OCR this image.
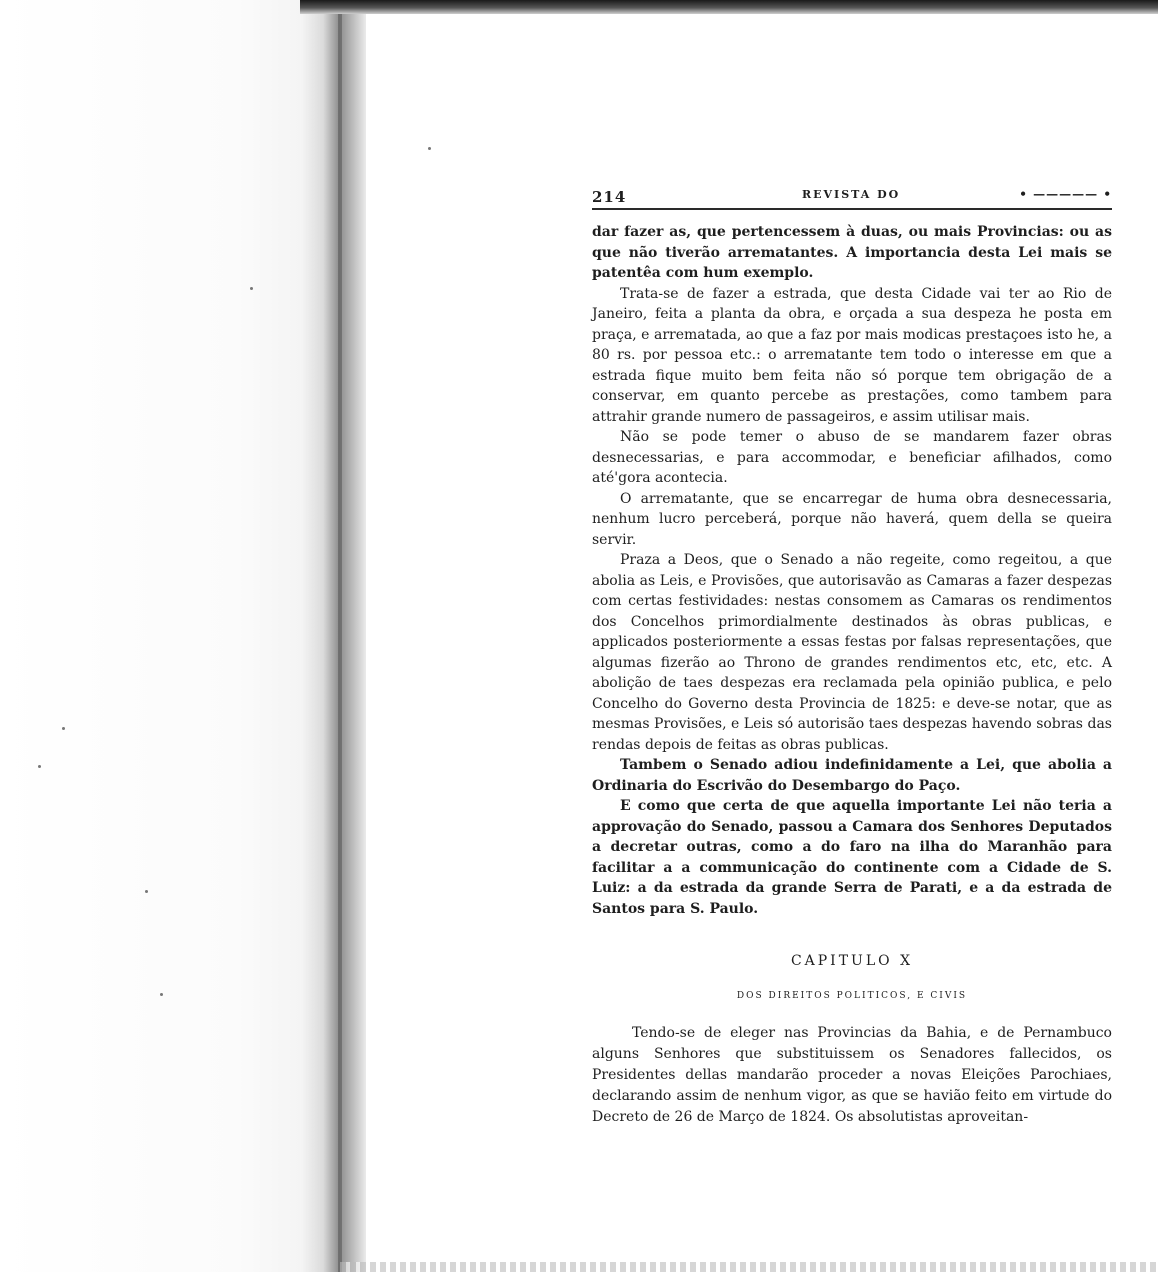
214	REVISTA DO	• ————— •

dar fazer as, que pertencessem à duas, ou mais Provincias: ou as que não tiverão arrematantes. A importancia desta Lei mais se patentêa com hum exemplo.

Trata-se de fazer a estrada, que desta Cidade vai ter ao Rio de Janeiro, feita a planta da obra, e orçada a sua despeza he posta em praça, e arrematada, ao que a faz por mais modicas prestaçoes isto he, a 80 rs. por pessoa etc.: o arrematante tem todo o interesse em que a estrada fique muito bem feita não só porque tem obrigação de a conservar, em quanto percebe as prestações, como tambem para attrahir grande numero de passageiros, e assim utilisar mais.

Não se pode temer o abuso de se mandarem fazer obras desnecessarias, e para accommodar, e beneficiar afilhados, como até'gora acontecia.

O arrematante, que se encarregar de huma obra desnecessaria, nenhum lucro perceberá, porque não haverá, quem della se queira servir.

Praza a Deos, que o Senado a não regeite, como regeitou, a que abolia as Leis, e Provisões, que autorisavão as Camaras a fazer despezas com certas festividades: nestas consomem as Camaras os rendimentos dos Concelhos primordialmente destinados às obras publicas, e applicados posteriormente a essas festas por falsas representações, que algumas fizerão ao Throno de grandes rendimentos etc, etc, etc. A abolição de taes despezas era reclamada pela opinião publica, e pelo Concelho do Governo desta Provincia de 1825: e deve-se notar, que as mesmas Provisões, e Leis só autorisão taes despezas havendo sobras das rendas depois de feitas as obras publicas.

Tambem o Senado adiou indefinidamente a Lei, que abolia a Ordinaria do Escrivão do Desembargo do Paço.

E como que certa de que aquella importante Lei não teria a approvação do Senado, passou a Camara dos Senhores Deputados a decretar outras, como a do faro na ilha do Maranhão para facilitar a a communicação do continente com a Cidade de S. Luiz: a da estrada da grande Serra de Parati, e a da estrada de Santos para S. Paulo.

CAPITULO X
DOS DIREITOS POLITICOS, E CIVIS

Tendo-se de eleger nas Provincias da Bahia, e de Pernambuco alguns Senhores que substituissem os Senadores fallecidos, os Presidentes dellas mandarão proceder a novas Eleições Parochiaes, declarando assim de nenhum vigor, as que se havião feito em virtude do Decreto de 26 de Março de 1824. Os absolutistas aproveitan-
